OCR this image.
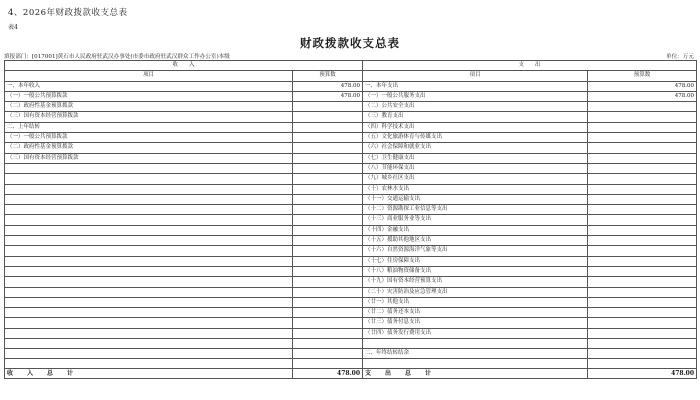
4、2026年财政拨款收支总表
表4
财政拨款收支总表
填报部门：[017001]黄石市人民政府驻武汉办事处(市委市政府驻武汉群众工作办公室)本级	单位：万元
收　　入		支　　出	
项目	预算数	项目	预算数
一、本年收入	478.00	一、本年支出	478.00
（一）一般公共预算拨款	478.00	（一）一般公共服务支出	478.00
（二）政府性基金预算拨款		（二）公共安全支出	
（三）国有资本经营预算拨款		（三）教育支出	
二、上年结转		（四）科学技术支出	
（一）一般公共预算拨款		（五）文化旅游体育与传媒支出	
（二）政府性基金预算拨款		（六）社会保障和就业支出	
（三）国有资本经营预算拨款		（七）卫生健康支出	
		（八）节能环保支出	
		（九）城乡社区支出	
		（十）农林水支出	
		（十一）交通运输支出	
		（十二）资源勘探工业信息等支出	
		（十三）商业服务业等支出	
		（十四）金融支出	
		（十五）援助其他地区支出	
		（十六）自然资源海洋气象等支出	
		（十七）住房保障支出	
		（十八）粮油物资储备支出	
		（十九）国有资本经营预算支出	
		（二十）灾害防治及应急管理支出	
		（廿一）其他支出	
		（廿二）债务还本支出	
		（廿三）债务付息支出	
		（廿四）债务发行费用支出	

		二、年终结转结余	

收　入　总　计	478.00	支　出　总　计	478.00
